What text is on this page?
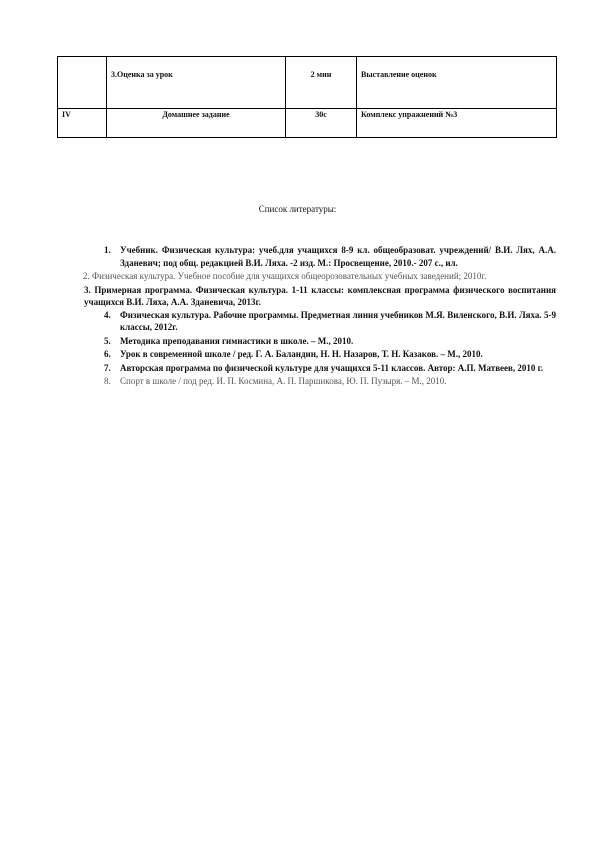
	3.Оценка за урок	2 мин	Выставление оценок
IV	Домашнее задание	30с	Комплекс упражнений №3
Список литературы:
1. Учебник. Физическая культура: учеб.для учащихся 8-9 кл. общеобразоват. учреждений/ В.И. Лях, А.А. Зданевич; под общ. редакцией В.И. Ляха. -2 изд. М.: Просвещение, 2010.- 207 с., ил.
2. Физическая культура. Учебное пособие для учащихся общеорозовательных учебных заведений; 2010г.
3. Примерная программа. Физическая культура. 1-11 классы: комплексная программа физического воспитания учащихся В.И. Ляха, А.А. Зданевича, 2013г.
4. Физическая культура. Рабочие программы. Предметная линия учебников М.Я. Виленского, В.И. Ляха. 5-9 классы, 2012г.
5. Методика преподавания гимнастики в школе. – М., 2010.
6. Урок в современной школе / ред. Г. А. Баландин, Н. Н. Назаров, Т. Н. Казаков. – М., 2010.
7. Авторская программа по физической культуре для учащихся 5-11 классов. Автор: А.П. Матвеев, 2010 г.
8. Спорт в школе / под ред. И. П. Космина, А. П. Паршикова, Ю. П. Пузыря. – М., 2010.
